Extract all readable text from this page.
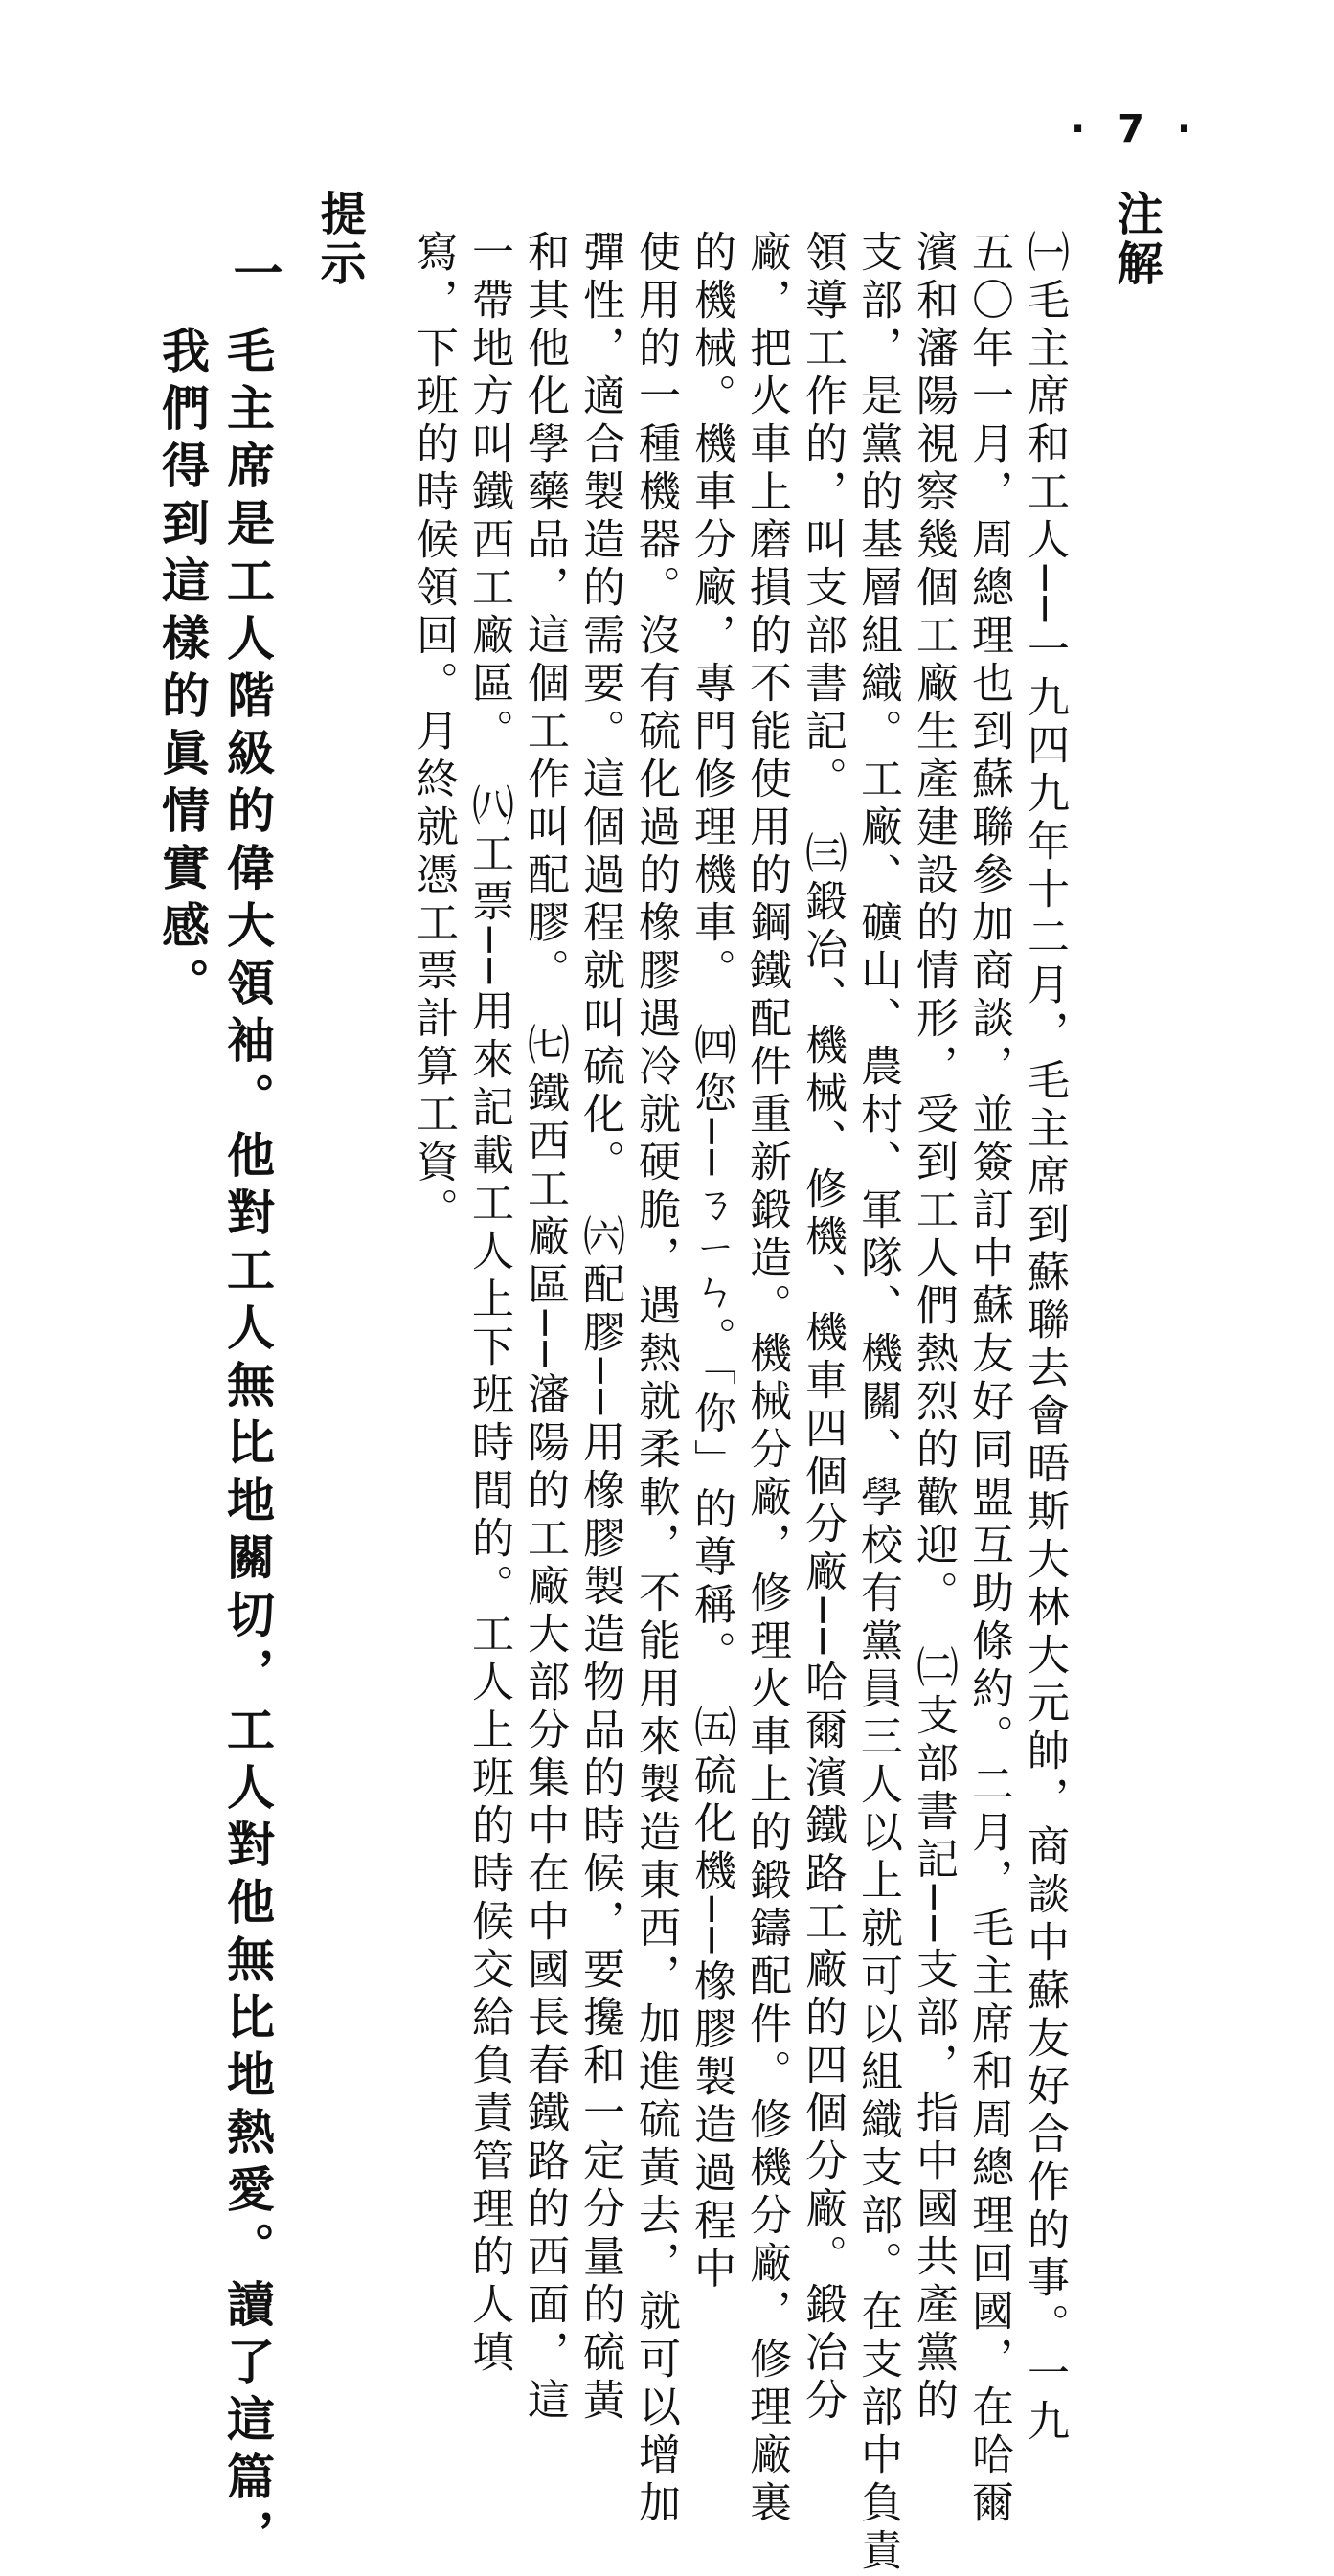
· 7 ·
注解
㈠毛主席和工人──一九四九年十二月，毛主席到蘇聯去會晤斯大林大元帥，商談中蘇友好合作的事。一九
五〇年一月，周總理也到蘇聯參加商談，並簽訂中蘇友好同盟互助條約。二月，毛主席和周總理回國，在哈爾
濱和瀋陽視察幾個工廠生產建設的情形，受到工人們熱烈的歡迎。　㈡支部書記──支部，指中國共產黨的
支部，是黨的基層組織。工廠、礦山、農村、軍隊、機關、學校有黨員三人以上就可以組織支部。在支部中負責
領導工作的，叫支部書記。　㈢鍛冶、機械、修機、機車四個分廠──哈爾濱鐵路工廠的四個分廠。鍛冶分
廠，把火車上磨損的不能使用的鋼鐵配件重新鍛造。機械分廠，修理火車上的鍛鑄配件。修機分廠，修理廠裏
的機械。機車分廠，專門修理機車。　㈣您──ㄋㄧㄣ。「你」的尊稱。　㈤硫化機──橡膠製造過程中
使用的一種機器。沒有硫化過的橡膠遇冷就硬脆，遇熱就柔軟，不能用來製造東西，加進硫黃去，就可以增加
彈性，適合製造的需要。這個過程就叫硫化。　㈥配膠──用橡膠製造物品的時候，要攙和一定分量的硫黃
和其他化學藥品，這個工作叫配膠。　㈦鐵西工廠區──瀋陽的工廠大部分集中在中國長春鐵路的西面，這
一帶地方叫鐵西工廠區。　㈧工票──用來記載工人上下班時間的。工人上班的時候交給負責管理的人填
寫，下班的時候領回。月終就憑工票計算工資。
提示
一
毛主席是工人階級的偉大領袖。他對工人無比地關切，工人對他無比地熱愛。讀了這篇，
我們得到這樣的眞情實感。
